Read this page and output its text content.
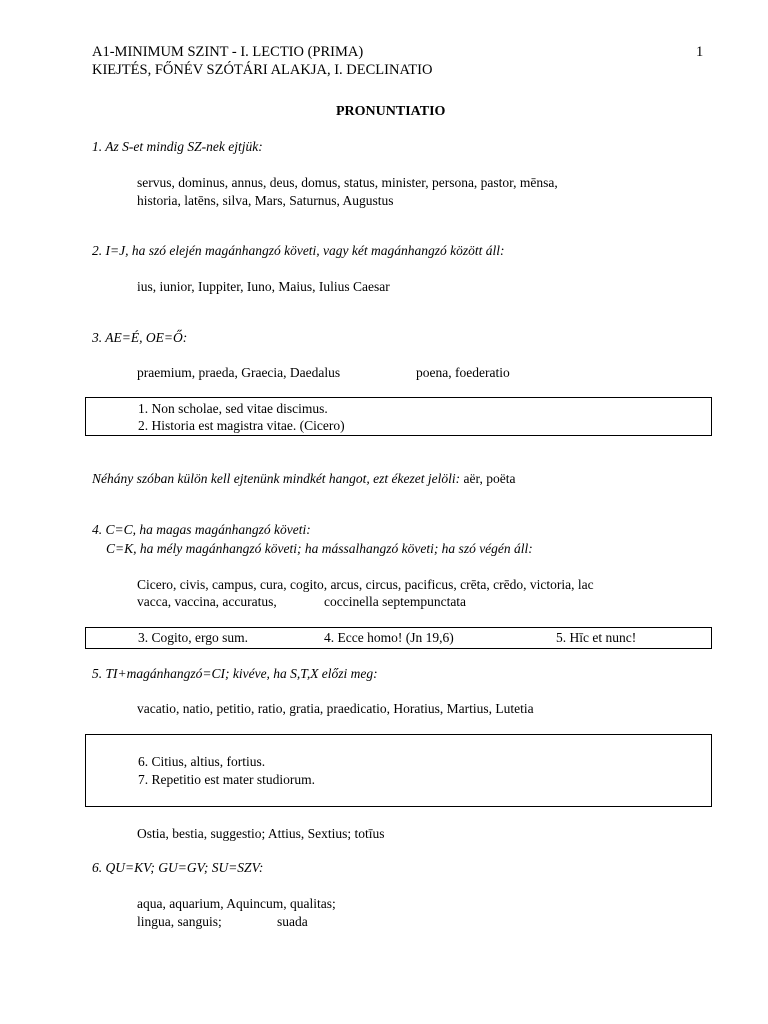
A1-MINIMUM SZINT - I. LECTIO (PRIMA)
KIEJTÉS, FŐNÉV SZÓTÁRI ALAKJA, I. DECLINATIO
1
PRONUNTIATIO
1. Az S-et mindig SZ-nek ejtjük:
servus, dominus, annus, deus, domus, status, minister, persona, pastor, mēnsa,
historia, latēns, silva, Mars, Saturnus, Augustus
2. I=J, ha szó elején magánhangzó követi, vagy két magánhangzó között áll:
ius, iunior, Iuppiter, Iuno, Maius, Iulius Caesar
3. AE=É, OE=Ő:
praemium, praeda, Graecia, Daedalus	poena, foederatio
1. Non scholae, sed vitae discimus.
2. Historia est magistra vitae. (Cicero)
Néhány szóban külön kell ejtenünk mindkét hangot, ezt ékezet jelöli: aër, poëta
4. C=C, ha magas magánhangzó követi:
C=K, ha mély magánhangzó követi; ha mássalhangzó követi; ha szó végén áll:
Cicero, civis, campus, cura, cogito, arcus, circus, pacificus, crēta, crēdo, victoria, lac
vacca, vaccina, accuratus,	coccinella septempunctata
3. Cogito, ergo sum.	4. Ecce homo! (Jn 19,6)	5. Hīc et nunc!
5. TI+magánhangzó=CI; kivéve, ha S,T,X előzi meg:
vacatio, natio, petitio, ratio, gratia, praedicatio, Horatius, Martius, Lutetia
6. Citius, altius, fortius.
7. Repetitio est mater studiorum.
Ostia, bestia, suggestio; Attius, Sextius; totīus
6. QU=KV; GU=GV; SU=SZV:
aqua, aquarium, Aquincum, qualitas;
lingua, sanguis;	suada
